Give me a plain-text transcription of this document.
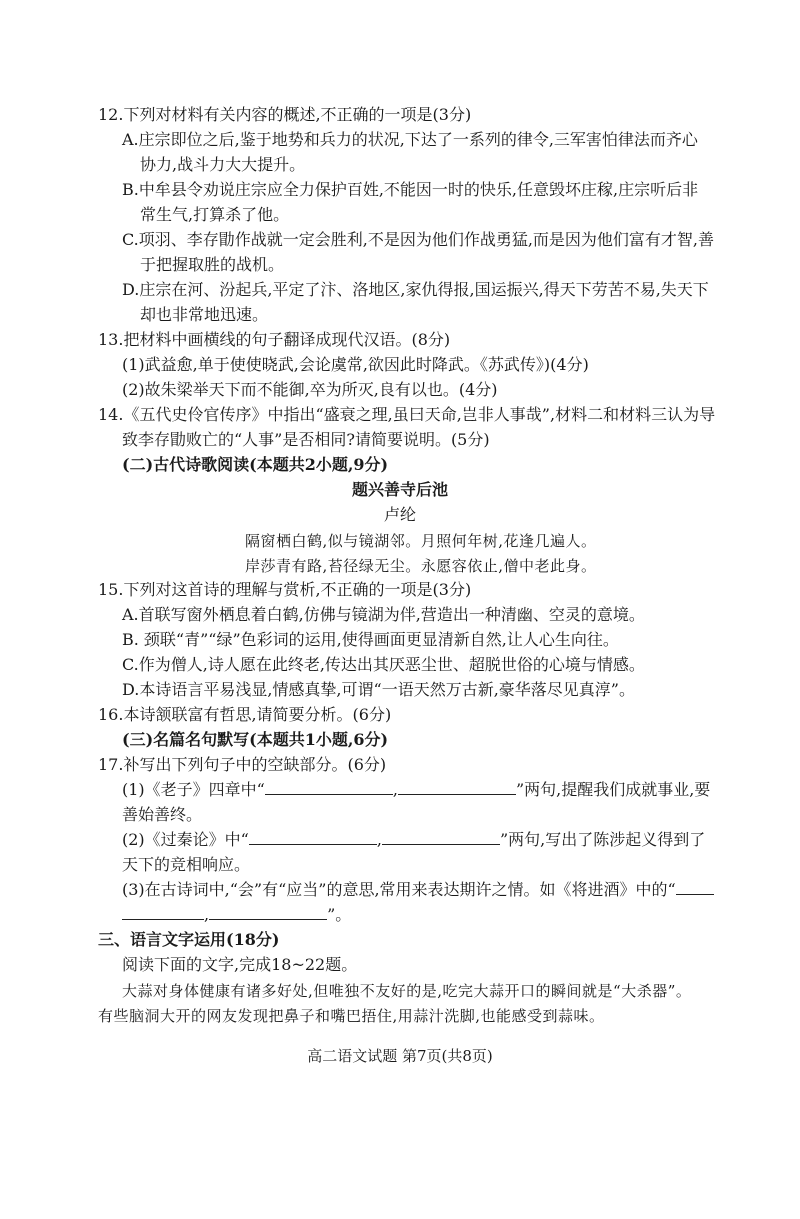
12.下列对材料有关内容的概述,不正确的一项是(3分)
A.庄宗即位之后,鉴于地势和兵力的状况,下达了一系列的律令,三军害怕律法而齐心
协力,战斗力大大提升。
B.中牟县令劝说庄宗应全力保护百姓,不能因一时的快乐,任意毁坏庄稼,庄宗听后非
常生气,打算杀了他。
C.项羽、李存勖作战就一定会胜利,不是因为他们作战勇猛,而是因为他们富有才智,善
于把握取胜的战机。
D.庄宗在河、汾起兵,平定了汴、洛地区,家仇得报,国运振兴,得天下劳苦不易,失天下
却也非常地迅速。
13.把材料中画横线的句子翻译成现代汉语。(8分)
(1)武益愈,单于使使晓武,会论虞常,欲因此时降武。《苏武传》)(4分)
(2)故朱梁举天下而不能御,卒为所灭,良有以也。(4分)
14.《五代史伶官传序》中指出“盛衰之理,虽曰天命,岂非人事哉”,材料二和材料三认为导
致李存勖败亡的“人事”是否相同?请简要说明。(5分)
(二)古代诗歌阅读(本题共2小题,9分)
题兴善寺后池
卢纶
隔窗栖白鹤,似与镜湖邻。月照何年树,花逢几遍人。
岸莎青有路,苔径绿无尘。永愿容依止,僧中老此身。
15.下列对这首诗的理解与赏析,不正确的一项是(3分)
A.首联写窗外栖息着白鹤,仿佛与镜湖为伴,营造出一种清幽、空灵的意境。
B. 颈联“青”“绿”色彩词的运用,使得画面更显清新自然,让人心生向往。
C.作为僧人,诗人愿在此终老,传达出其厌恶尘世、超脱世俗的心境与情感。
D.本诗语言平易浅显,情感真挚,可谓“一语天然万古新,豪华落尽见真淳”。
16.本诗颔联富有哲思,请简要分析。(6分)
(三)名篇名句默写(本题共1小题,6分)
17.补写出下列句子中的空缺部分。(6分)
(1)《老子》四章中“	,	”两句,提醒我们成就事业,要
善始善终。
(2)《过秦论》中“	,	”两句,写出了陈涉起义得到了
天下的竞相响应。
(3)在古诗词中,“会”有“应当”的意思,常用来表达期许之情。如《将进酒》中的“
,	”。
三、语言文字运用(18分)
阅读下面的文字,完成18~22题。
大蒜对身体健康有诸多好处,但唯独不友好的是,吃完大蒜开口的瞬间就是“大杀器”。
有些脑洞大开的网友发现把鼻子和嘴巴捂住,用蒜汁洗脚,也能感受到蒜味。
高二语文试题 第7页(共8页)
